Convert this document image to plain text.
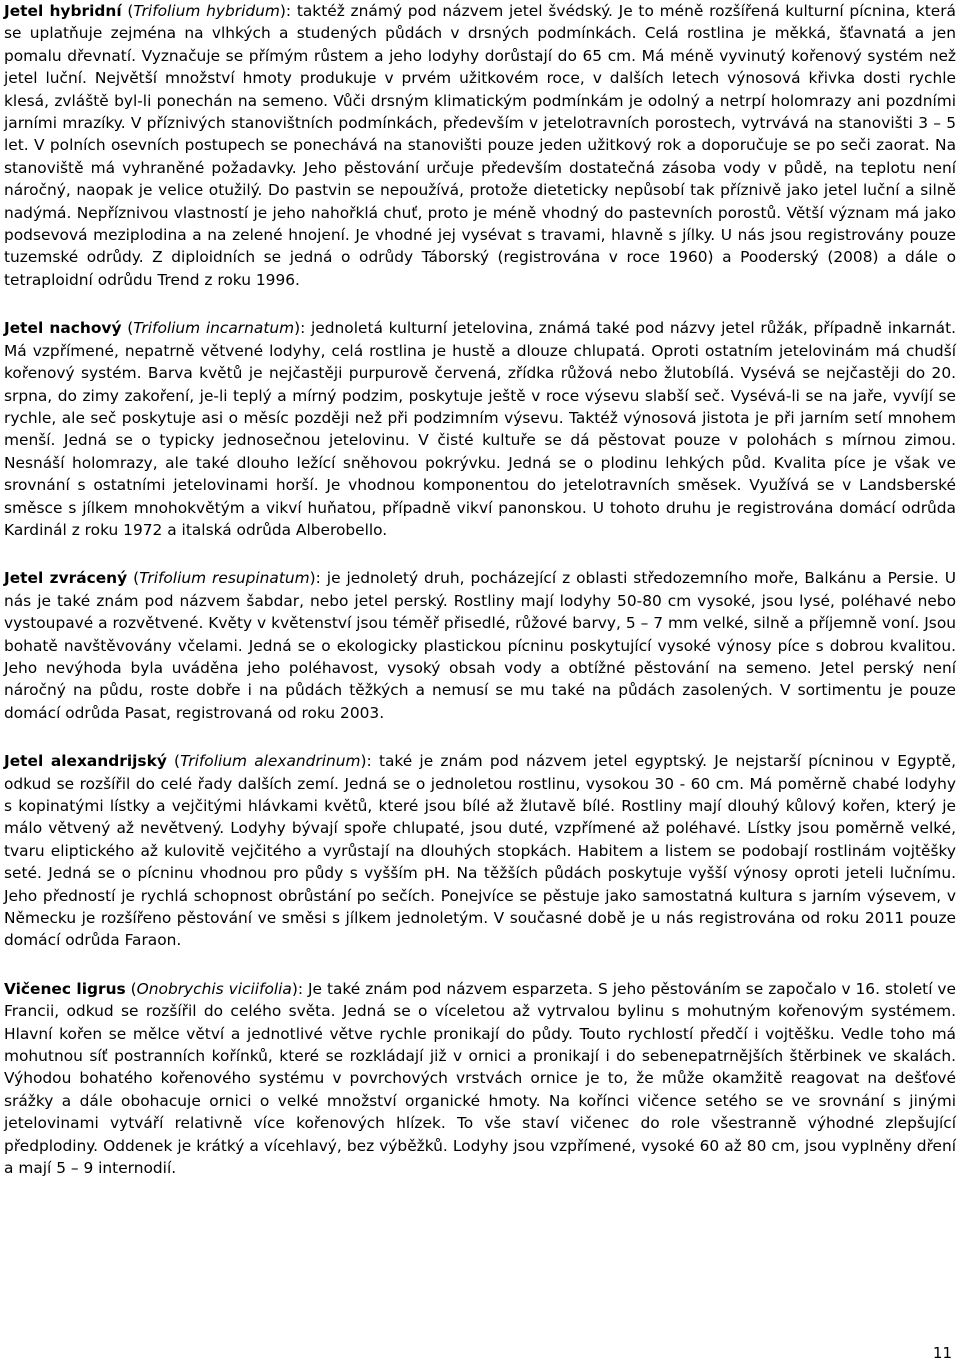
Jetel hybridní (Trifolium hybridum): taktéž známý pod názvem jetel švédský. Je to méně rozšířená kulturní pícnina, která se uplatňuje zejména na vlhkých a studených půdách v drsných podmínkách. Celá rostlina je měkká, šťavnatá a jen pomalu dřevnatí. Vyznačuje se přímým růstem a jeho lodyhy dorůstají do 65 cm. Má méně vyvinutý kořenový systém než jetel luční. Největší množství hmoty produkuje v prvém užitkovém roce, v dalších letech výnosová křivka dosti rychle klesá, zvláště byl-li ponechán na semeno. Vůči drsným klimatickým podmínkám je odolný a netrpí holomrazy ani pozdními jarními mrazíky. V příznivých stanovištních podmínkách, především v jetelotravních porostech, vytrvává na stanovišti 3 – 5 let. V polních osevních postupech se ponechává na stanovišti pouze jeden užitkový rok a doporučuje se po seči zaorat. Na stanoviště má vyhraněné požadavky. Jeho pěstování určuje především dostatečná zásoba vody v půdě, na teplotu není náročný, naopak je velice otužilý. Do pastvin se nepoužívá, protože dieteticky nepůsobí tak příznivě jako jetel luční a silně nadýmá. Nepříznivou vlastností je jeho nahořklá chuť, proto je méně vhodný do pastevních porostů. Větší význam má jako podsevová meziplodina a na zelené hnojení. Je vhodné jej vysévat s travami, hlavně s jílky. U nás jsou registrovány pouze tuzemské odrůdy. Z diploidních se jedná o odrůdy Táborský (registrována v roce 1960) a Pooderský (2008) a dále o tetraploidní odrůdu Trend z roku 1996.

Jetel nachový (Trifolium incarnatum): jednoletá kulturní jetelovina, známá také pod názvy jetel růžák, případně inkarnát. Má vzpřímené, nepatrně větvené lodyhy, celá rostlina je hustě a dlouze chlupatá. Oproti ostatním jetelovinám má chudší kořenový systém. Barva květů je nejčastěji purpurově červená, zřídka růžová nebo žlutobílá. Vysévá se nejčastěji do 20. srpna, do zimy zakoření, je-li teplý a mírný podzim, poskytuje ještě v roce výsevu slabší seč. Vysévá-li se na jaře, vyvíjí se rychle, ale seč poskytuje asi o měsíc později než při podzimním výsevu. Taktéž výnosová jistota je při jarním setí mnohem menší. Jedná se o typicky jednosečnou jetelovinu. V čisté kultuře se dá pěstovat pouze v polohách s mírnou zimou. Nesnáší holomrazy, ale také dlouho ležící sněhovou pokrývku. Jedná se o plodinu lehkých půd. Kvalita píce je však ve srovnání s ostatními jetelovinami horší. Je vhodnou komponentou do jetelotravních směsek. Využívá se v Landsberské směsce s jílkem mnohokvětým a vikví huňatou, případně vikví panonskou. U tohoto druhu je registrována domácí odrůda Kardinál z roku 1972 a italská odrůda Alberobello.

Jetel zvrácený (Trifolium resupinatum): je jednoletý druh, pocházející z oblasti středozemního moře, Balkánu a Persie. U nás je také znám pod názvem šabdar, nebo jetel perský. Rostliny mají lodyhy 50-80 cm vysoké, jsou lysé, poléhavé nebo vystoupavé a rozvětvené. Květy v květenství jsou téměř přisedlé, růžové barvy, 5 – 7 mm velké, silně a příjemně voní. Jsou bohatě navštěvovány včelami. Jedná se o ekologicky plastickou pícninu poskytující vysoké výnosy píce s dobrou kvalitou. Jeho nevýhoda byla uváděna jeho poléhavost, vysoký obsah vody a obtížné pěstování na semeno. Jetel perský není náročný na půdu, roste dobře i na půdách těžkých a nemusí se mu také na půdách zasolených. V sortimentu je pouze domácí odrůda Pasat, registrovaná od roku 2003.

Jetel alexandrijský (Trifolium alexandrinum): také je znám pod názvem jetel egyptský. Je nejstarší pícninou v Egyptě, odkud se rozšířil do celé řady dalších zemí. Jedná se o jednoletou rostlinu, vysokou 30 - 60 cm. Má poměrně chabé lodyhy s kopinatými lístky a vejčitými hlávkami květů, které jsou bílé až žlutavě bílé. Rostliny mají dlouhý kůlový kořen, který je málo větvený až nevětvený. Lodyhy bývají spoře chlupaté, jsou duté, vzpřímené až poléhavé. Lístky jsou poměrně velké, tvaru eliptického až kulovitě vejčitého a vyrůstají na dlouhých stopkách. Habitem a listem se podobají rostlinám vojtěšky seté. Jedná se o pícninu vhodnou pro půdy s vyšším pH. Na těžších půdách poskytuje vyšší výnosy oproti jeteli lučnímu. Jeho předností je rychlá schopnost obrůstání po sečích. Ponejvíce se pěstuje jako samostatná kultura s jarním výsevem, v Německu je rozšířeno pěstování ve směsi s jílkem jednoletým. V současné době je u nás registrována od roku 2011 pouze domácí odrůda Faraon.

Vičenec ligrus (Onobrychis viciifolia): Je také znám pod názvem esparzeta. S jeho pěstováním se započalo v 16. století ve Francii, odkud se rozšířil do celého světa. Jedná se o víceletou až vytrvalou bylinu s mohutným kořenovým systémem. Hlavní kořen se mělce větví a jednotlivé větve rychle pronikají do půdy. Touto rychlostí předčí i vojtěšku. Vedle toho má mohutnou síť postranních kořínků, které se rozkládají již v ornici a pronikají i do sebenepatrnějších štěrbinek ve skalách. Výhodou bohatého kořenového systému v povrchových vrstvách ornice je to, že může okamžitě reagovat na dešťové srážky a dále obohacuje ornici o velké množství organické hmoty. Na kořínci vičence setého se ve srovnání s jinými jetelovinami vytváří relativně více kořenových hlízek. To vše staví vičenec do role všestranně výhodné zlepšující předplodiny. Oddenek je krátký a vícehlavý, bez výběžků. Lodyhy jsou vzpřímené, vysoké 60 až 80 cm, jsou vyplněny dření a mají 5 – 9 internodií.

11
